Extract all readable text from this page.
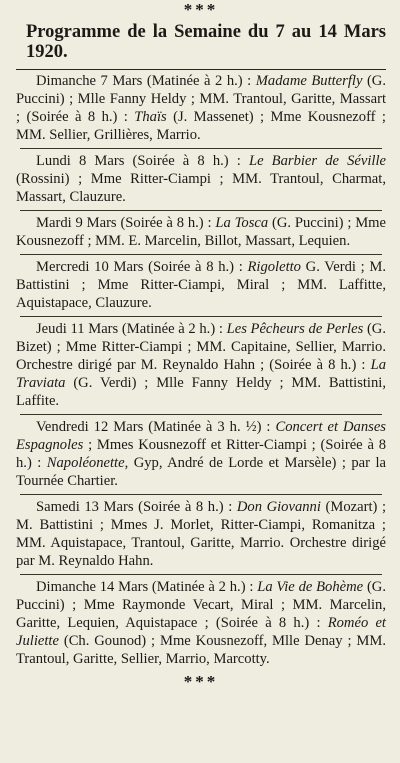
***
Programme de la Semaine du 7 au 14 Mars 1920.
Dimanche 7 Mars (Matinée à 2 h.) : Madame Butterfly (G. Puccini) ; Mlle Fanny Heldy ; MM. Trantoul, Garitte, Massart ; (Soirée à 8 h.) : Thaïs (J. Massenet) ; Mme Kousnezoff ; MM. Sellier, Grillières, Marrio.
Lundi 8 Mars (Soirée à 8 h.) : Le Barbier de Séville (Rossini) ; Mme Ritter-Ciampi ; MM. Trantoul, Charmat, Massart, Clauzure.
Mardi 9 Mars (Soirée à 8 h.) : La Tosca (G. Puccini) ; Mme Kousnezoff ; MM. E. Marcelin, Billot, Massart, Lequien.
Mercredi 10 Mars (Soirée à 8 h.) : Rigoletto G. Verdi ; M. Battistini ; Mme Ritter-Ciampi, Miral ; MM. Laffitte, Aquistapace, Clauzure.
Jeudi 11 Mars (Matinée à 2 h.) : Les Pêcheurs de Perles (G. Bizet) ; Mme Ritter-Ciampi ; MM. Capitaine, Sellier, Marrio. Orchestre dirigé par M. Reynaldo Hahn ; (Soirée à 8 h.) : La Traviata (G. Verdi) ; Mlle Fanny Heldy ; MM. Battistini, Laffite.
Vendredi 12 Mars (Matinée à 3 h. ½) : Concert et Danses Espagnoles ; Mmes Kousnezoff et Ritter-Ciampi ; (Soirée à 8 h.) : Napoléonette, Gyp, André de Lorde et Marsèle) ; par la Tournée Chartier.
Samedi 13 Mars (Soirée à 8 h.) : Don Giovanni (Mozart) ; M. Battistini ; Mmes J. Morlet, Ritter-Ciampi, Romanitza ; MM. Aquistapace, Trantoul, Garitte, Marrio. Orchestre dirigé par M. Reynaldo Hahn.
Dimanche 14 Mars (Matinée à 2 h.) : La Vie de Bohème (G. Puccini) ; Mme Raymonde Vecart, Miral ; MM. Marcelin, Garitte, Lequien, Aquistapace ; (Soirée à 8 h.) : Roméo et Juliette (Ch. Gounod) ; Mme Kousnezoff, Mlle Denay ; MM. Trantoul, Garitte, Sellier, Marrio, Marcotty.
***
